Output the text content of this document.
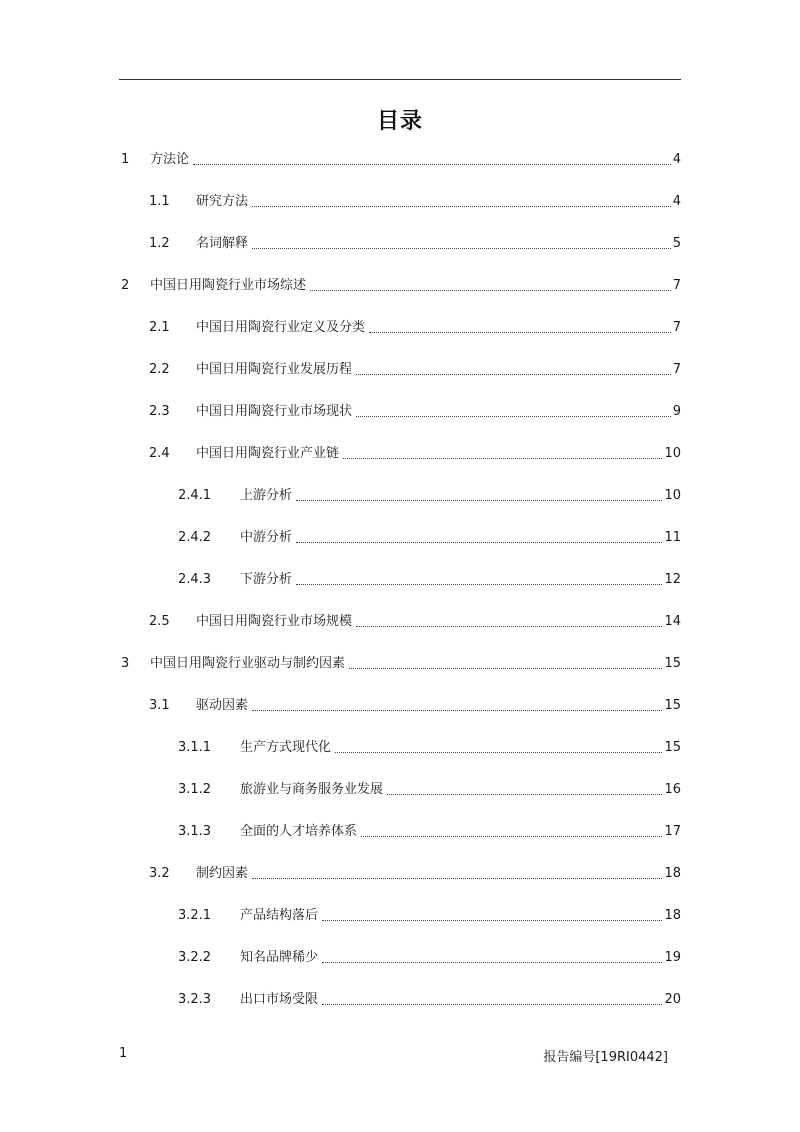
目录
1	方法论	4
1.1	研究方法	4
1.2	名词解释	5
2	中国日用陶瓷行业市场综述	7
2.1	中国日用陶瓷行业定义及分类	7
2.2	中国日用陶瓷行业发展历程	7
2.3	中国日用陶瓷行业市场现状	9
2.4	中国日用陶瓷行业产业链	10
2.4.1	上游分析	10
2.4.2	中游分析	11
2.4.3	下游分析	12
2.5	中国日用陶瓷行业市场规模	14
3	中国日用陶瓷行业驱动与制约因素	15
3.1	驱动因素	15
3.1.1	生产方式现代化	15
3.1.2	旅游业与商务服务业发展	16
3.1.3	全面的人才培养体系	17
3.2	制约因素	18
3.2.1	产品结构落后	18
3.2.2	知名品牌稀少	19
3.2.3	出口市场受限	20
1	报告编号[19RI0442]
